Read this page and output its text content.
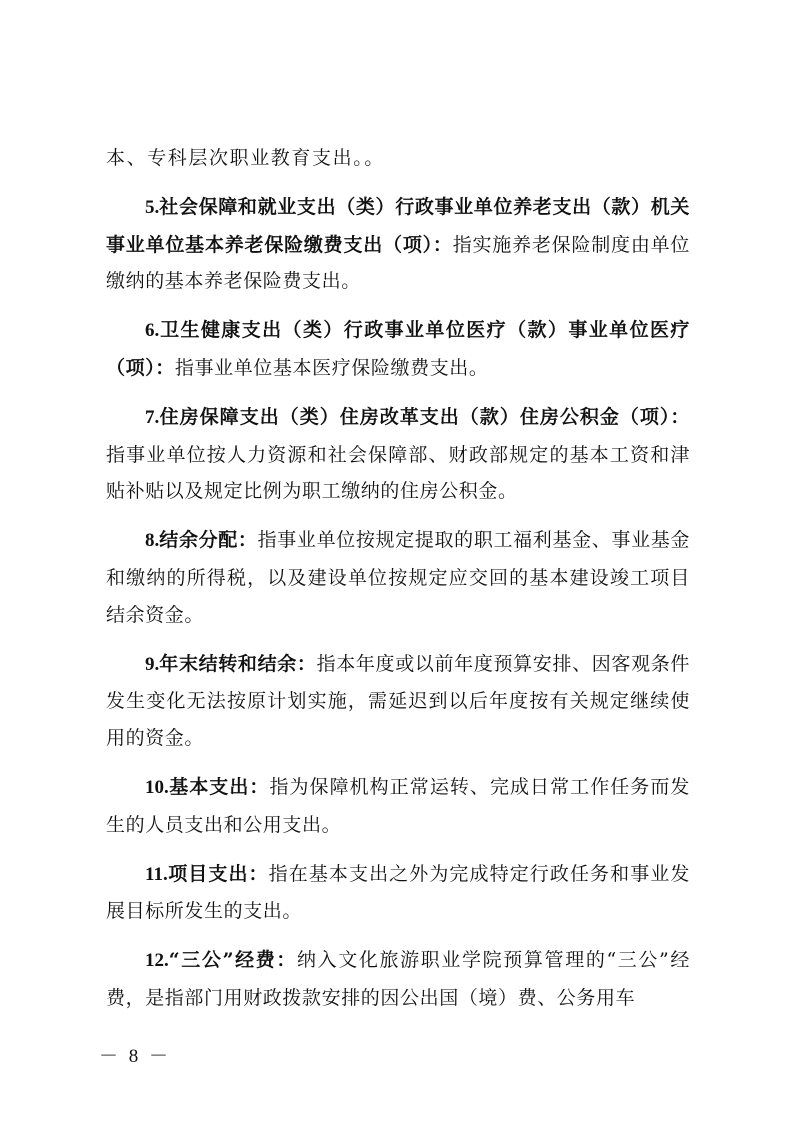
本、专科层次职业教育支出。。

5.社会保障和就业支出（类）行政事业单位养老支出（款）机关事业单位基本养老保险缴费支出（项）：指实施养老保险制度由单位缴纳的基本养老保险费支出。

6.卫生健康支出（类）行政事业单位医疗（款）事业单位医疗（项）：指事业单位基本医疗保险缴费支出。

7.住房保障支出（类）住房改革支出（款）住房公积金（项）：指事业单位按人力资源和社会保障部、财政部规定的基本工资和津贴补贴以及规定比例为职工缴纳的住房公积金。

8.结余分配：指事业单位按规定提取的职工福利基金、事业基金和缴纳的所得税，以及建设单位按规定应交回的基本建设竣工项目结余资金。

9.年末结转和结余：指本年度或以前年度预算安排、因客观条件发生变化无法按原计划实施，需延迟到以后年度按有关规定继续使用的资金。

10.基本支出：指为保障机构正常运转、完成日常工作任务而发生的人员支出和公用支出。

11.项目支出：指在基本支出之外为完成特定行政任务和事业发展目标所发生的支出。

12.“三公”经费：纳入文化旅游职业学院预算管理的“三公”经费，是指部门用财政拨款安排的因公出国（境）费、公务用车

－ 8 －
